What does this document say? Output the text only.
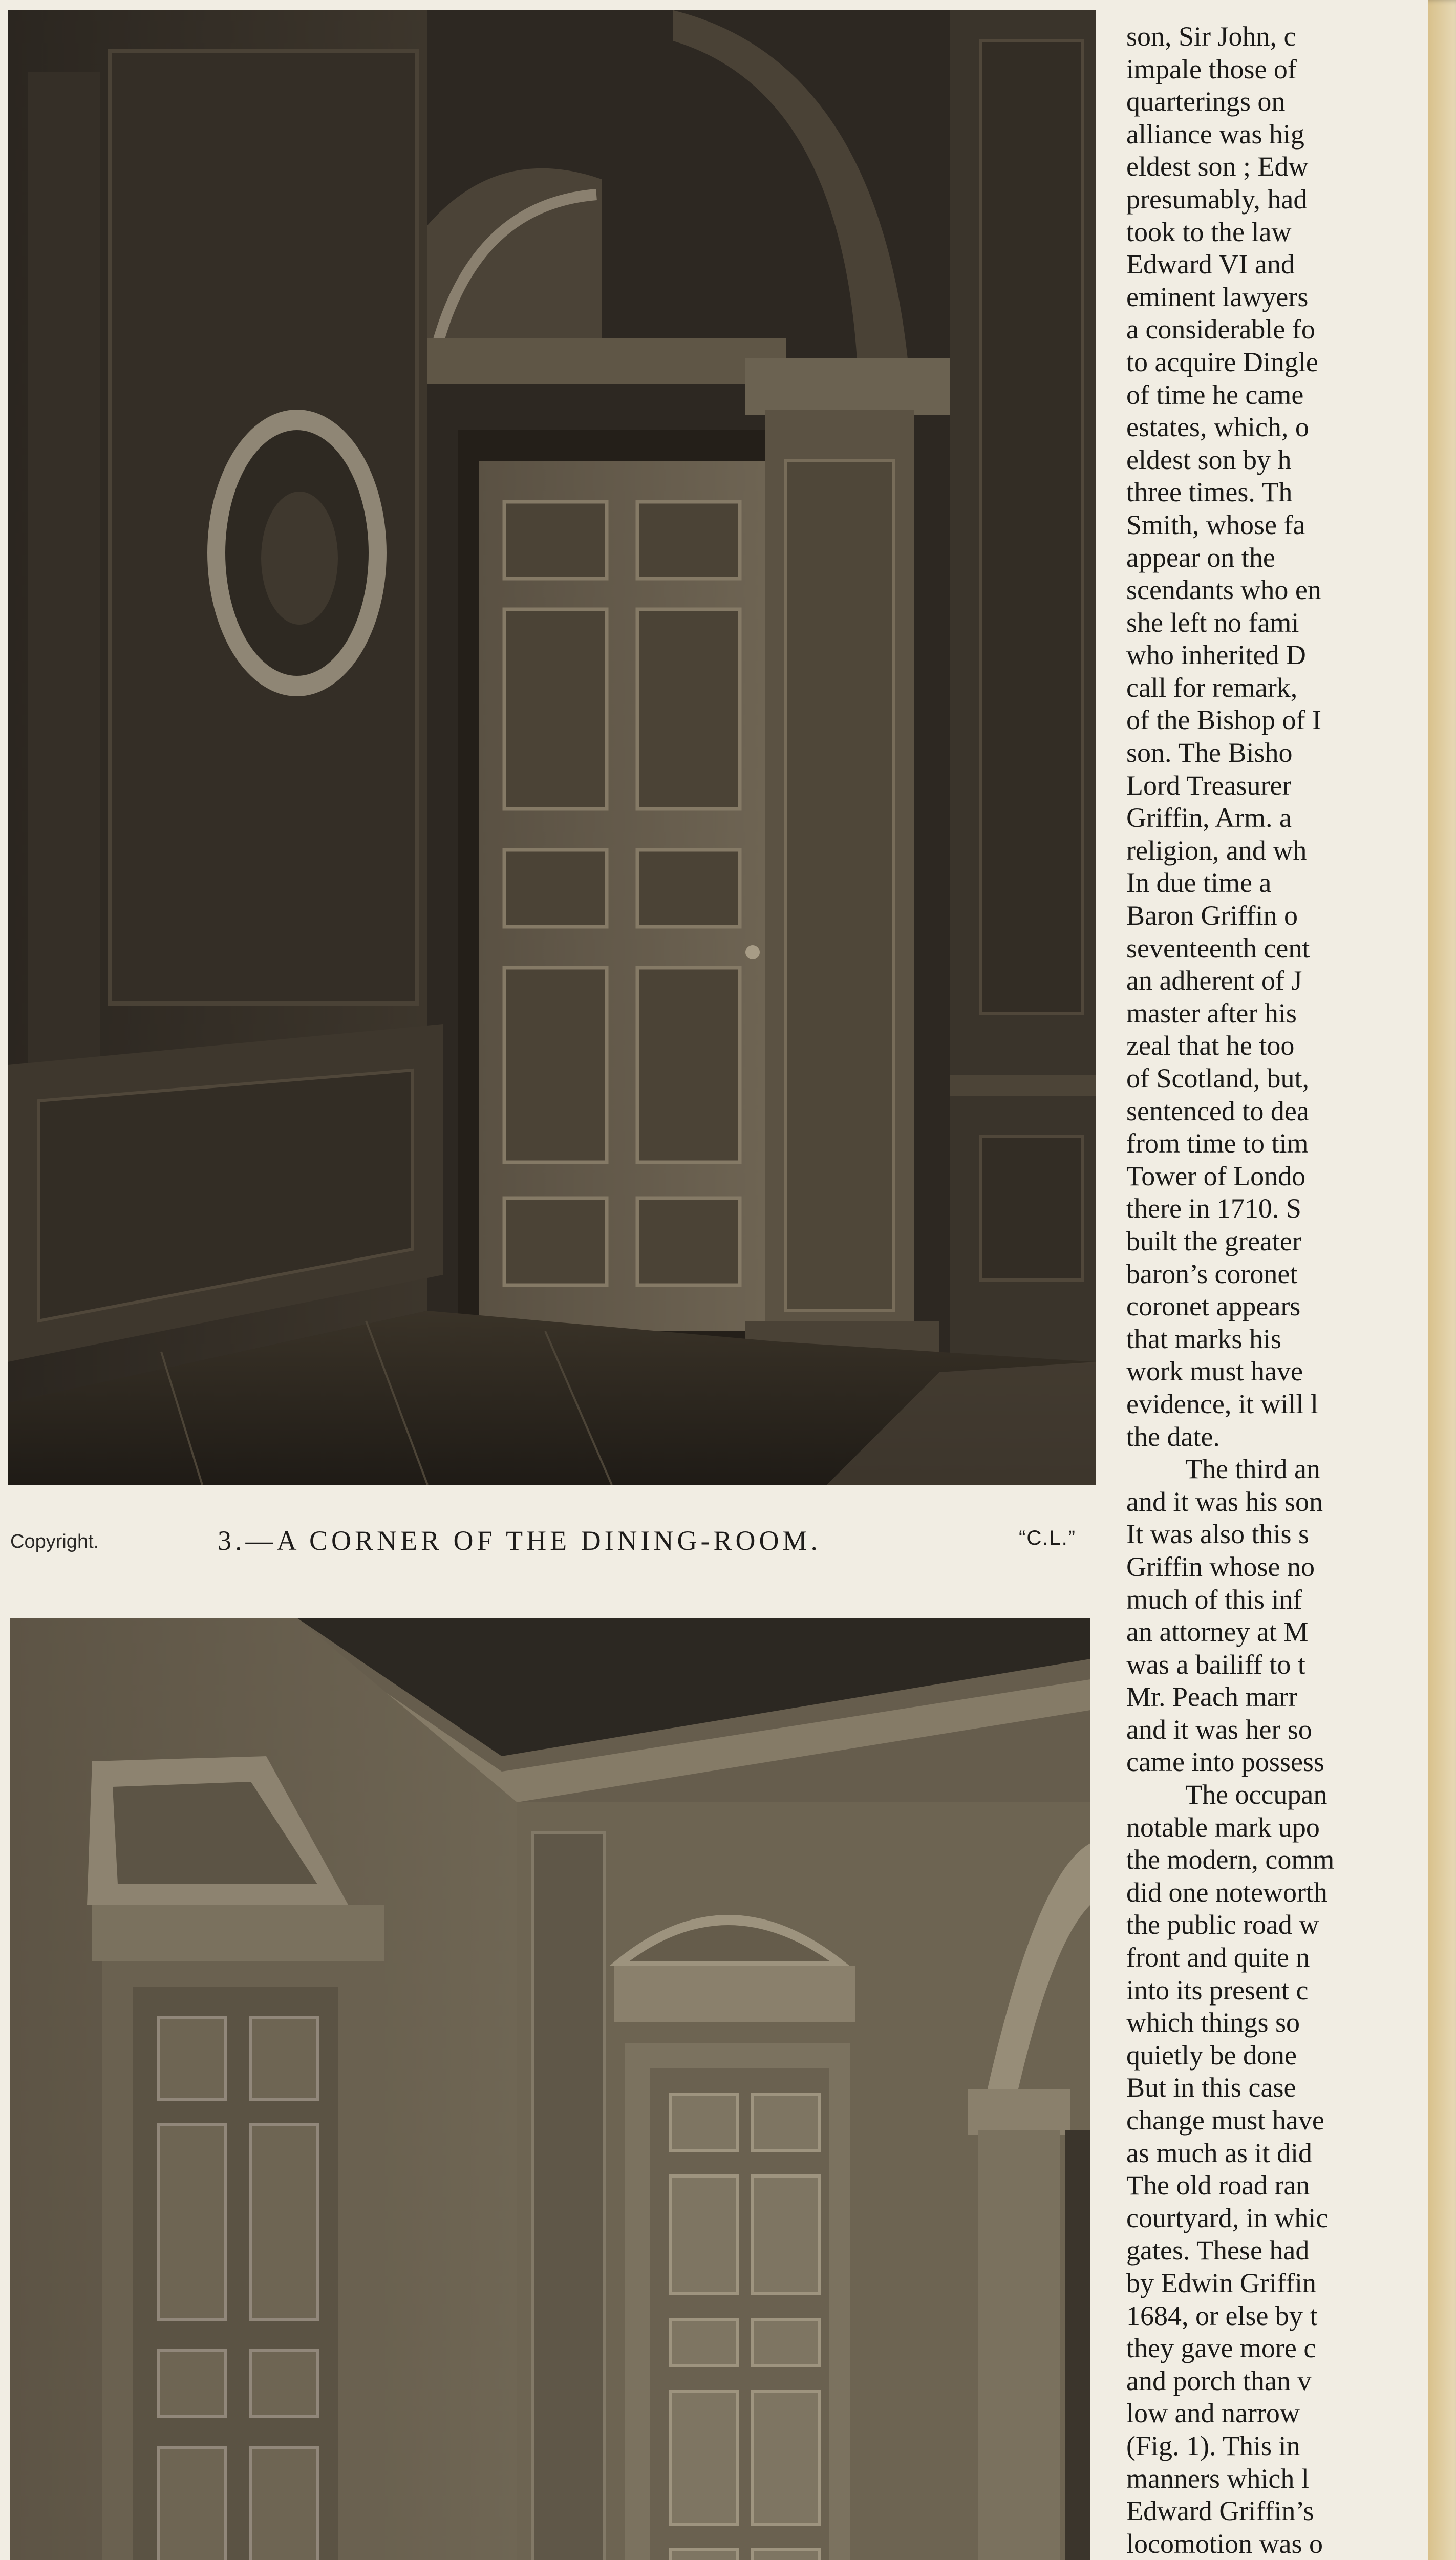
Copyright.	3.—A CORNER OF THE DINING-ROOM.	“C.L.”
son, Sir John, c
impale those of
quarterings on
alliance was hig
eldest son ; Edw
presumably, had
took to the law
Edward VI and
eminent lawyers
a considerable fo
to acquire Dingle
of time he came
estates, which, o
eldest son by h
three times. Th
Smith, whose fa
appear on the
scendants who en
she left no fami
who inherited D
call for remark,
of the Bishop of I
son. The Bisho
Lord Treasurer
Griffin, Arm. a
religion, and wh
In due time a
Baron Griffin o
seventeenth cent
an adherent of J
master after his
zeal that he too
of Scotland, but,
sentenced to dea
from time to tim
Tower of Londo
there in 1710. S
built the greater
baron’s coronet
coronet appears
that marks his
work must have
evidence, it will l
the date.
The third an
and it was his son
It was also this s
Griffin whose no
much of this inf
an attorney at M
was a bailiff to t
Mr. Peach marr
and it was her so
came into possess
The occupan
notable mark upo
the modern, comm
did one noteworth
the public road w
front and quite n
into its present c
which things so
quietly be done
But in this case
change must have
as much as it did
The old road ran
courtyard, in whic
gates. These had
by Edwin Griffin
1684, or else by t
they gave more c
and porch than v
low and narrow
(Fig. 1). This in
manners which l
Edward Griffin’s
locomotion was o
